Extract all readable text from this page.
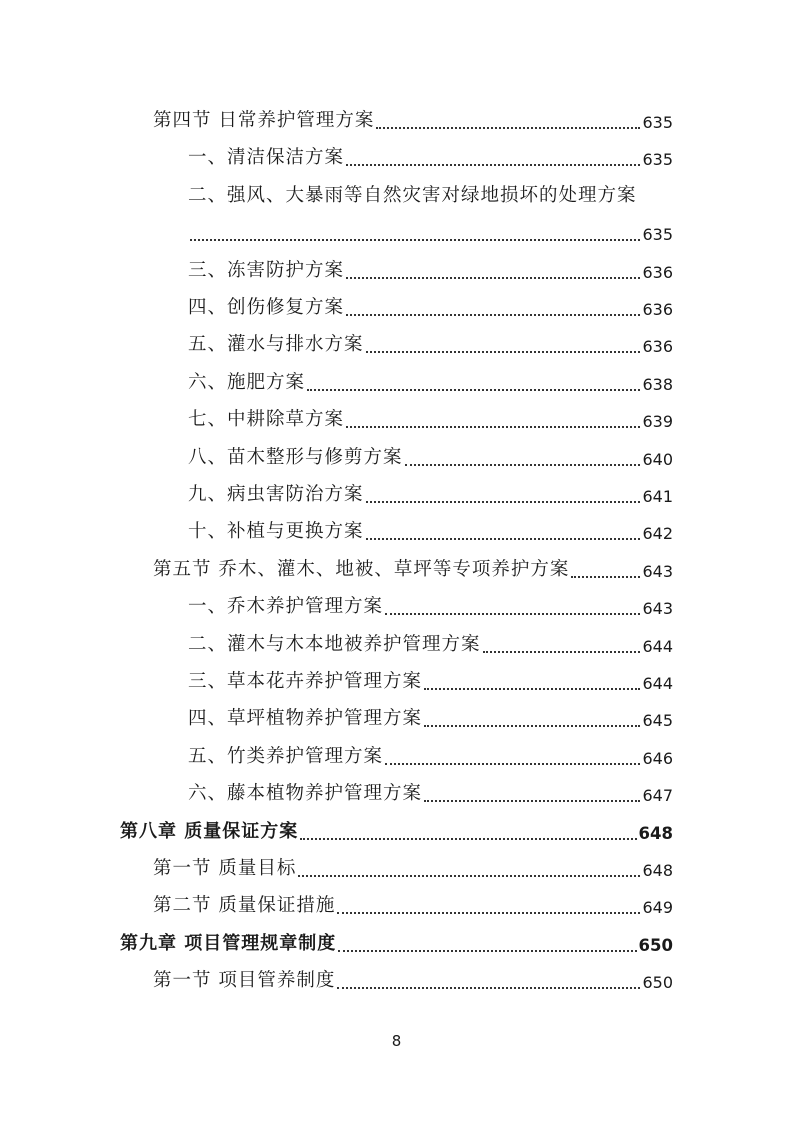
第四节 日常养护管理方案	635
一、清洁保洁方案	635
二、强风、大暴雨等自然灾害对绿地损坏的处理方案
635
三、冻害防护方案	636
四、创伤修复方案	636
五、灌水与排水方案	636
六、施肥方案	638
七、中耕除草方案	639
八、苗木整形与修剪方案	640
九、病虫害防治方案	641
十、补植与更换方案	642
第五节 乔木、灌木、地被、草坪等专项养护方案	643
一、乔木养护管理方案	643
二、灌木与木本地被养护管理方案	644
三、草本花卉养护管理方案	644
四、草坪植物养护管理方案	645
五、竹类养护管理方案	646
六、藤本植物养护管理方案	647
第八章 质量保证方案	648
第一节 质量目标	648
第二节 质量保证措施	649
第九章 项目管理规章制度	650
第一节 项目管养制度	650
8
